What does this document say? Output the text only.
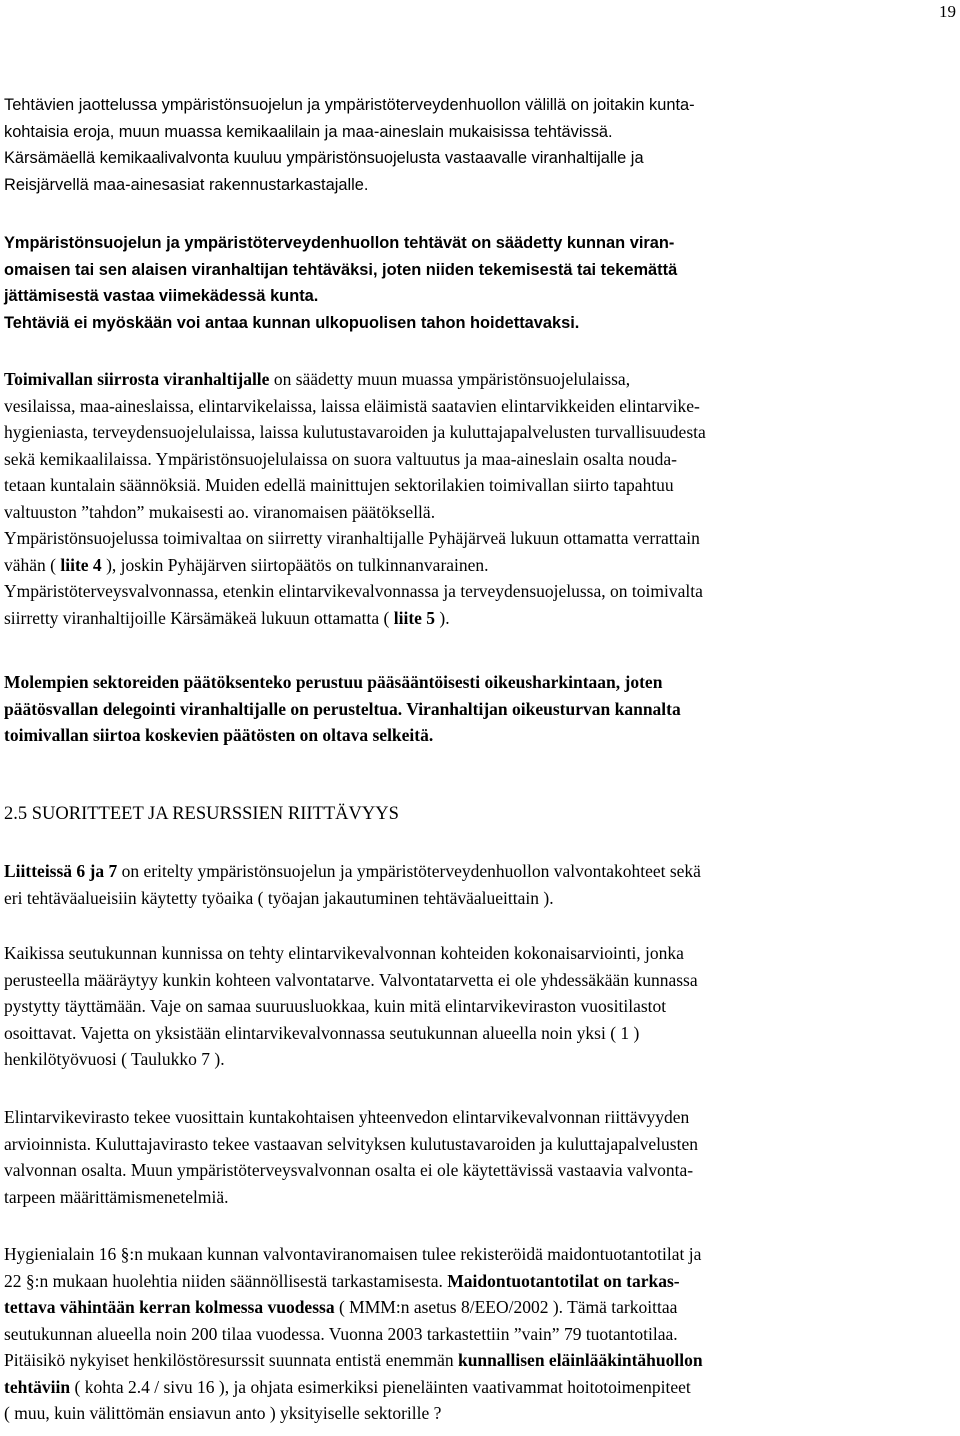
19

Tehtävien jaottelussa ympäristönsuojelun ja ympäristöterveydenhuollon välillä on joitakin kunta-
kohtaisia eroja, muun muassa kemikaalilain ja maa-aineslain mukaisissa tehtävissä.
Kärsämäellä kemikaalivalvonta kuuluu ympäristönsuojelusta vastaavalle viranhaltijalle ja
Reisjärvellä maa-ainesasiat rakennustarkastajalle.

Ympäristönsuojelun ja ympäristöterveydenhuollon tehtävät on säädetty kunnan viran-
omaisen tai sen alaisen viranhaltijan tehtäväksi, joten niiden tekemisestä tai tekemättä
jättämisestä vastaa viimekädessä kunta.
Tehtäviä ei myöskään voi antaa kunnan ulkopuolisen tahon hoidettavaksi.

Toimivallan siirrosta viranhaltijalle on säädetty muun muassa ympäristönsuojelulaissa,
vesilaissa, maa-aineslaissa, elintarvikelaissa, laissa eläimistä saatavien elintarvikkeiden elintarvike-
hygieniasta, terveydensuojelulaissa, laissa kulutustavaroiden ja kuluttajapalvelusten turvallisuudesta
sekä kemikaalilaissa. Ympäristönsuojelulaissa on suora valtuutus ja maa-aineslain osalta nouda-
tetaan kuntalain säännöksiä. Muiden edellä mainittujen sektorilakien toimivallan siirto tapahtuu
valtuuston ”tahdon” mukaisesti ao. viranomaisen päätöksellä.
Ympäristönsuojelussa toimivaltaa on siirretty viranhaltijalle Pyhäjärveä lukuun ottamatta verrattain
vähän ( liite 4 ), joskin Pyhäjärven siirtopäätös on tulkinnanvarainen.
Ympäristöterveysvalvonnassa, etenkin elintarvikevalvonnassa ja terveydensuojelussa, on toimivalta
siirretty viranhaltijoille Kärsämäkeä lukuun ottamatta ( liite 5 ).

Molempien sektoreiden päätöksenteko perustuu pääsääntöisesti oikeusharkintaan, joten
päätösvallan delegointi viranhaltijalle on perusteltua. Viranhaltijan oikeusturvan kannalta
toimivallan siirtoa koskevien päätösten on oltava selkeitä.

2.5 SUORITTEET JA RESURSSIEN RIITTÄVYYS

Liitteissä 6 ja 7 on eritelty ympäristönsuojelun ja ympäristöterveydenhuollon valvontakohteet sekä
eri tehtäväalueisiin käytetty työaika ( työajan jakautuminen tehtäväalueittain ).

Kaikissa seutukunnan kunnissa on tehty elintarvikevalvonnan kohteiden kokonaisarviointi, jonka
perusteella määräytyy kunkin kohteen valvontatarve. Valvontatarvetta ei ole yhdessäkään kunnassa
pystytty täyttämään. Vaje on samaa suuruusluokkaa, kuin mitä elintarvikeviraston vuositilastot
osoittavat. Vajetta on yksistään elintarvikevalvonnassa seutukunnan alueella noin yksi ( 1 )
henkilötyövuosi ( Taulukko 7 ).

Elintarvikevirasto tekee vuosittain kuntakohtaisen yhteenvedon elintarvikevalvonnan riittävyyden
arvioinnista. Kuluttajavirasto tekee vastaavan selvityksen kulutustavaroiden ja kuluttajapalvelusten
valvonnan osalta. Muun ympäristöterveysvalvonnan osalta ei ole käytettävissä vastaavia valvonta-
tarpeen määrittämismenetelmiä.

Hygienialain 16 §:n mukaan kunnan valvontaviranomaisen tulee rekisteröidä maidontuotantotilat ja
22 §:n mukaan huolehtia niiden säännöllisestä tarkastamisesta. Maidontuotantotilat on tarkas-
tettava vähintään kerran kolmessa vuodessa ( MMM:n asetus 8/EEO/2002 ). Tämä tarkoittaa
seutukunnan alueella noin 200 tilaa vuodessa. Vuonna 2003 tarkastettiin ”vain” 79 tuotantotilaa.
Pitäisikö nykyiset henkilöstöresurssit suunnata entistä enemmän kunnallisen eläinlääkintähuollon
tehtäviin ( kohta 2.4 / sivu 16 ), ja ohjata esimerkiksi pieneläinten vaativammat hoitotoimenpiteet
( muu, kuin välittömän ensiavun anto ) yksityiselle sektorille ?
